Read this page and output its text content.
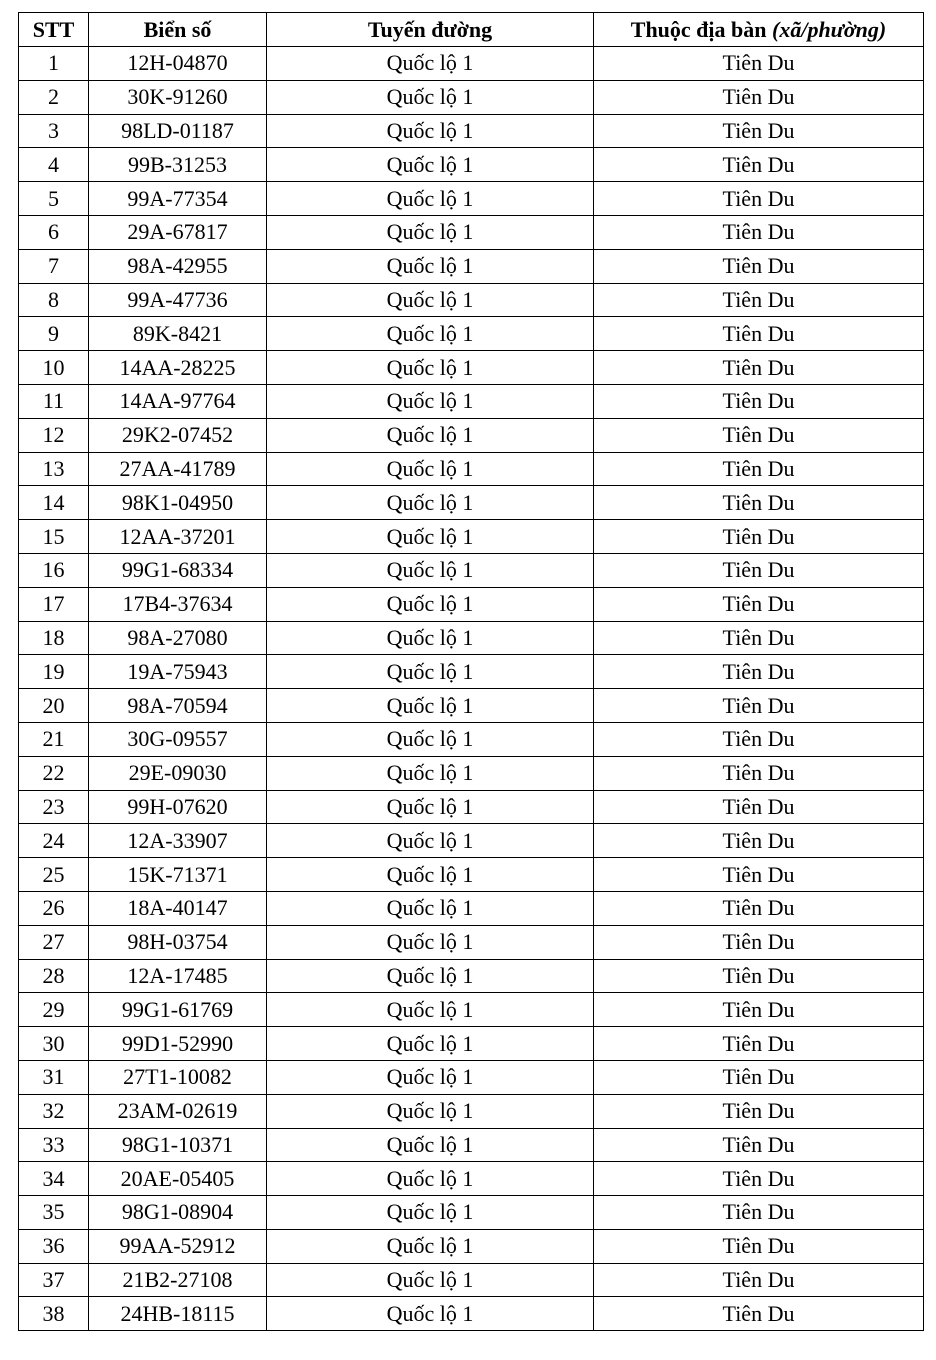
STT	Biển số	Tuyến đường	Thuộc địa bàn (xã/phường)
1	12H-04870	Quốc lộ 1	Tiên Du
2	30K-91260	Quốc lộ 1	Tiên Du
3	98LD-01187	Quốc lộ 1	Tiên Du
4	99B-31253	Quốc lộ 1	Tiên Du
5	99A-77354	Quốc lộ 1	Tiên Du
6	29A-67817	Quốc lộ 1	Tiên Du
7	98A-42955	Quốc lộ 1	Tiên Du
8	99A-47736	Quốc lộ 1	Tiên Du
9	89K-8421	Quốc lộ 1	Tiên Du
10	14AA-28225	Quốc lộ 1	Tiên Du
11	14AA-97764	Quốc lộ 1	Tiên Du
12	29K2-07452	Quốc lộ 1	Tiên Du
13	27AA-41789	Quốc lộ 1	Tiên Du
14	98K1-04950	Quốc lộ 1	Tiên Du
15	12AA-37201	Quốc lộ 1	Tiên Du
16	99G1-68334	Quốc lộ 1	Tiên Du
17	17B4-37634	Quốc lộ 1	Tiên Du
18	98A-27080	Quốc lộ 1	Tiên Du
19	19A-75943	Quốc lộ 1	Tiên Du
20	98A-70594	Quốc lộ 1	Tiên Du
21	30G-09557	Quốc lộ 1	Tiên Du
22	29E-09030	Quốc lộ 1	Tiên Du
23	99H-07620	Quốc lộ 1	Tiên Du
24	12A-33907	Quốc lộ 1	Tiên Du
25	15K-71371	Quốc lộ 1	Tiên Du
26	18A-40147	Quốc lộ 1	Tiên Du
27	98H-03754	Quốc lộ 1	Tiên Du
28	12A-17485	Quốc lộ 1	Tiên Du
29	99G1-61769	Quốc lộ 1	Tiên Du
30	99D1-52990	Quốc lộ 1	Tiên Du
31	27T1-10082	Quốc lộ 1	Tiên Du
32	23AM-02619	Quốc lộ 1	Tiên Du
33	98G1-10371	Quốc lộ 1	Tiên Du
34	20AE-05405	Quốc lộ 1	Tiên Du
35	98G1-08904	Quốc lộ 1	Tiên Du
36	99AA-52912	Quốc lộ 1	Tiên Du
37	21B2-27108	Quốc lộ 1	Tiên Du
38	24HB-18115	Quốc lộ 1	Tiên Du
